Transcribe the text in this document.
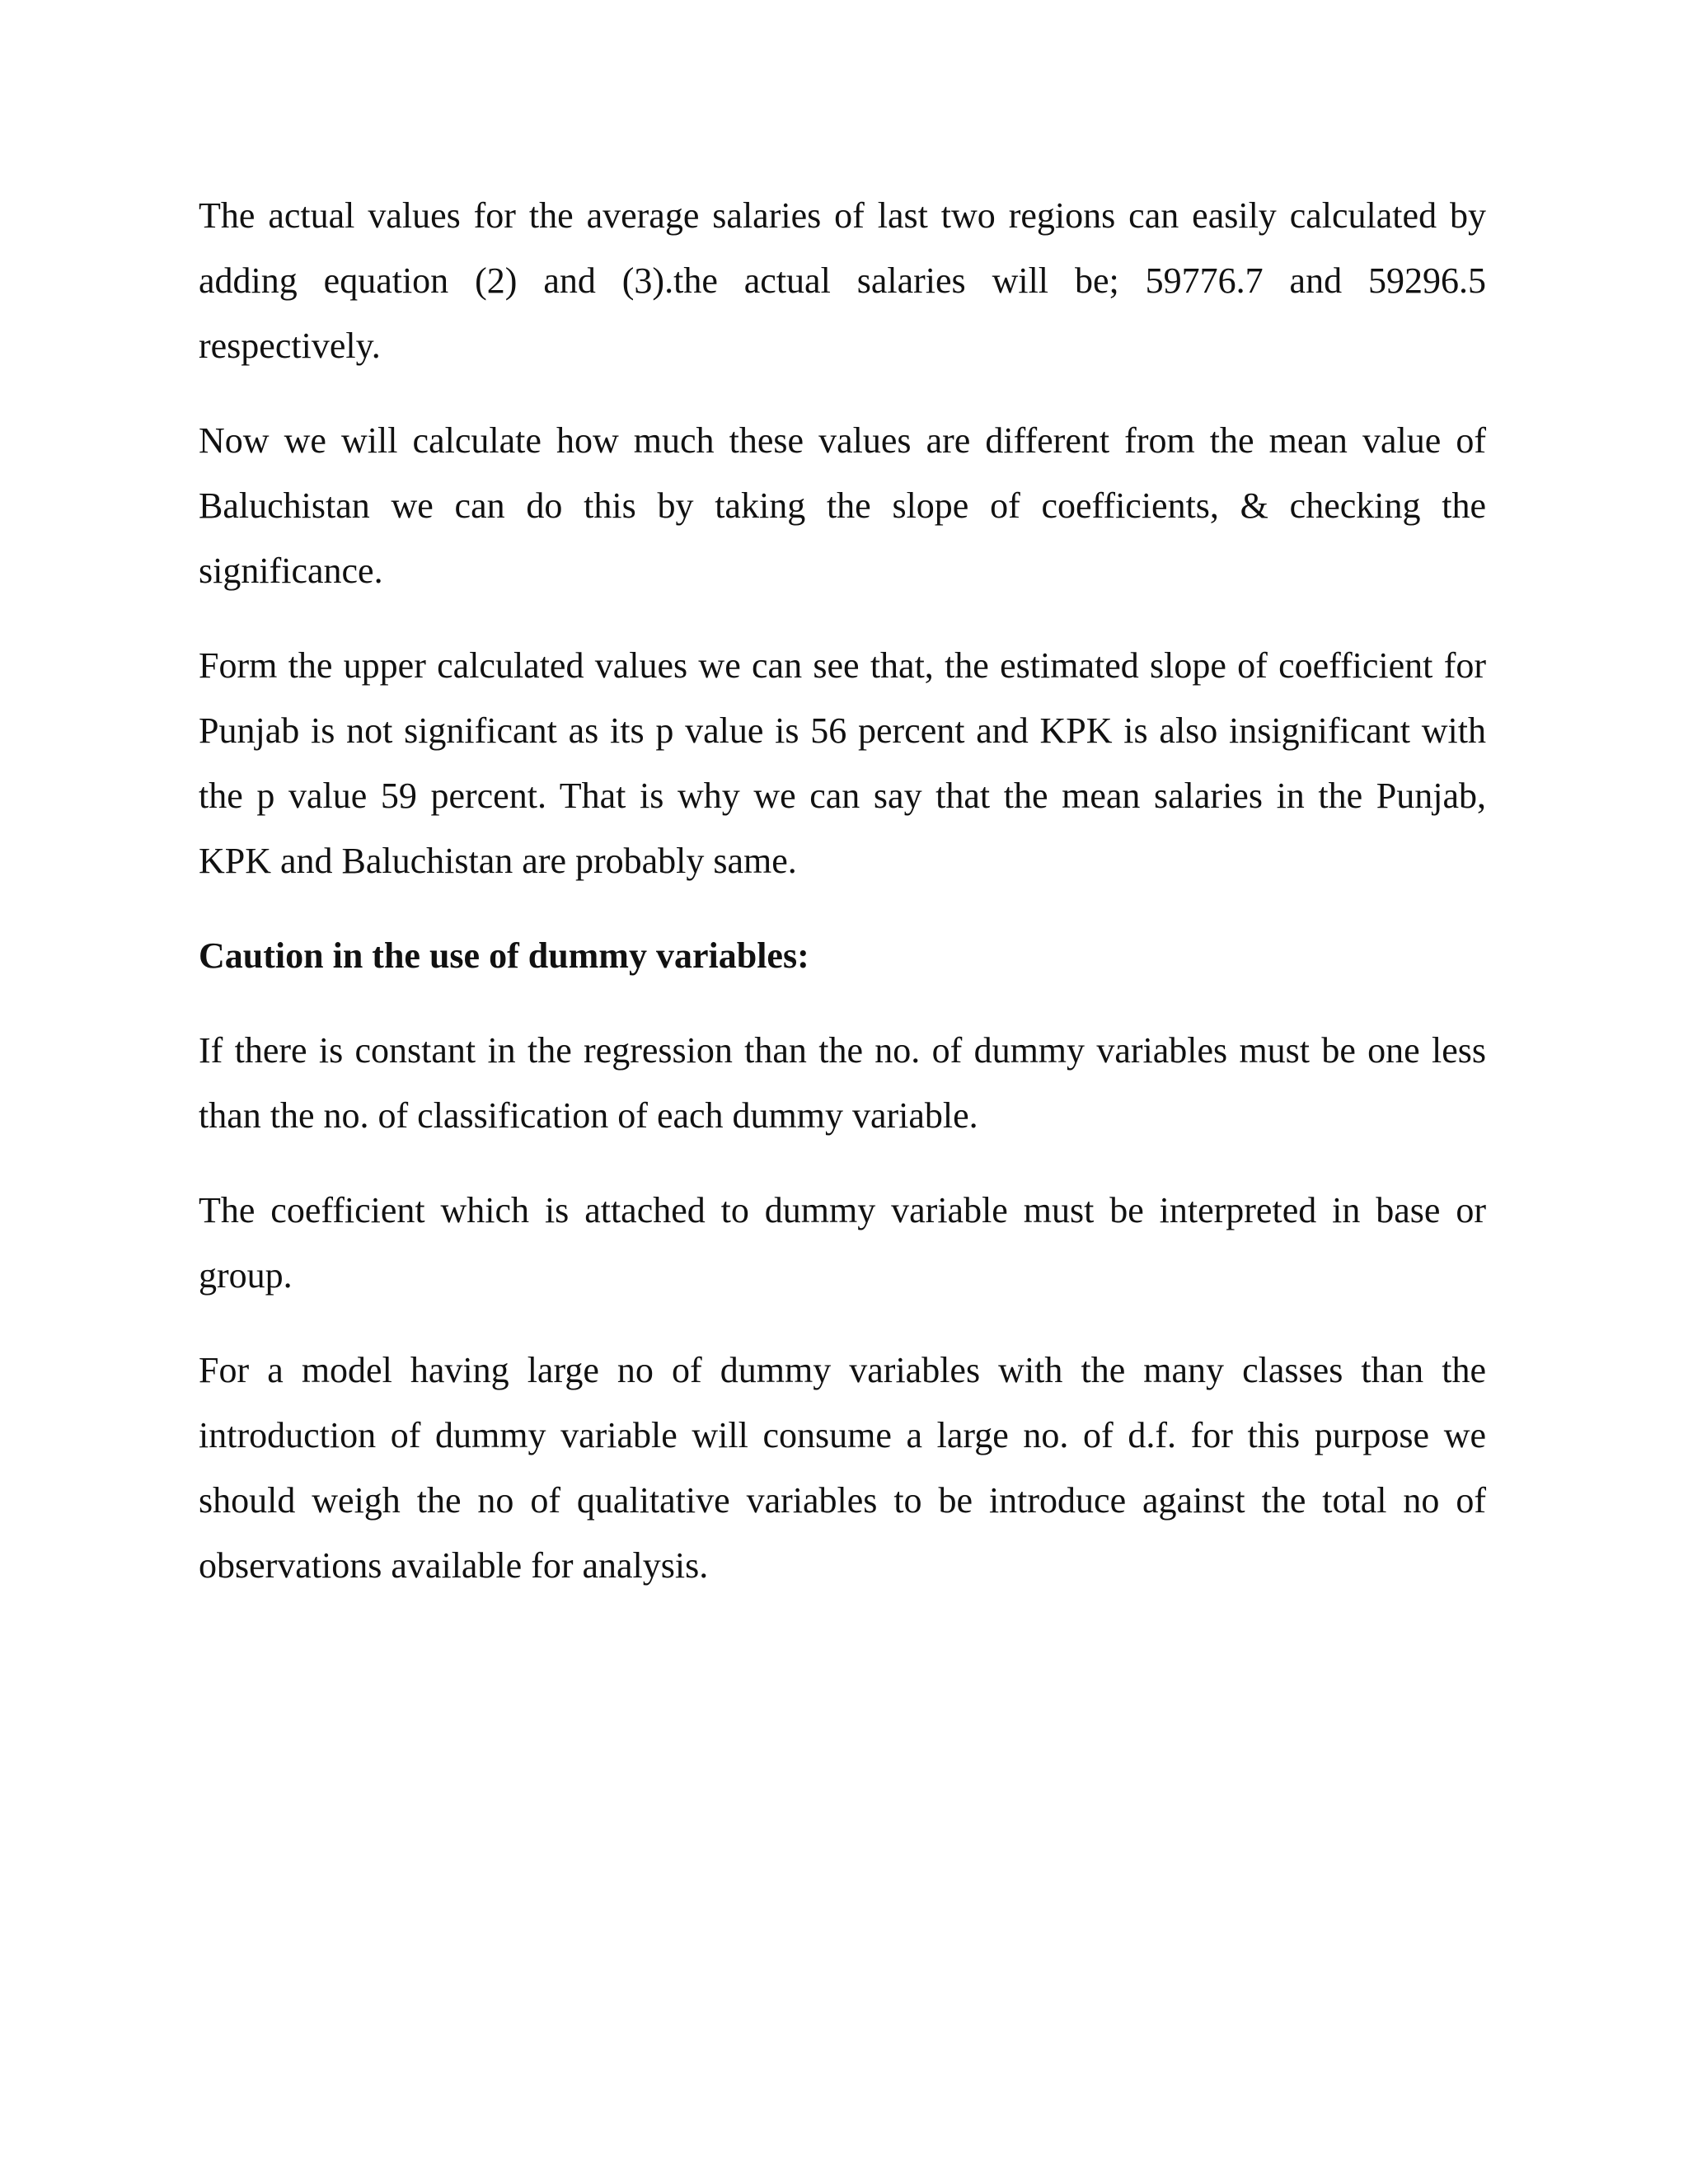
The actual values for the average salaries of last two regions can easily calculated by adding equation (2) and (3).the actual salaries will be; 59776.7 and 59296.5 respectively.

Now we will calculate how much these values are different from the mean value of Baluchistan we can do this by taking the slope of coefficients, & checking the significance.

Form the upper calculated values we can see that, the estimated slope of coefficient for Punjab is not significant as its p value is 56 percent and KPK is also insignificant with the p value 59 percent. That is why we can say that the mean salaries in the Punjab, KPK and Baluchistan are probably same.

Caution in the use of dummy variables:

If there is constant in the regression than the no. of dummy variables must be one less than the no. of classification of each dummy variable.

The coefficient which is attached to dummy variable must be interpreted in base or group.

For a model having large no of dummy variables with the many classes than the introduction of dummy variable will consume a large no. of d.f. for this purpose we should weigh the no of qualitative variables to be introduce against the total no of observations available for analysis.
